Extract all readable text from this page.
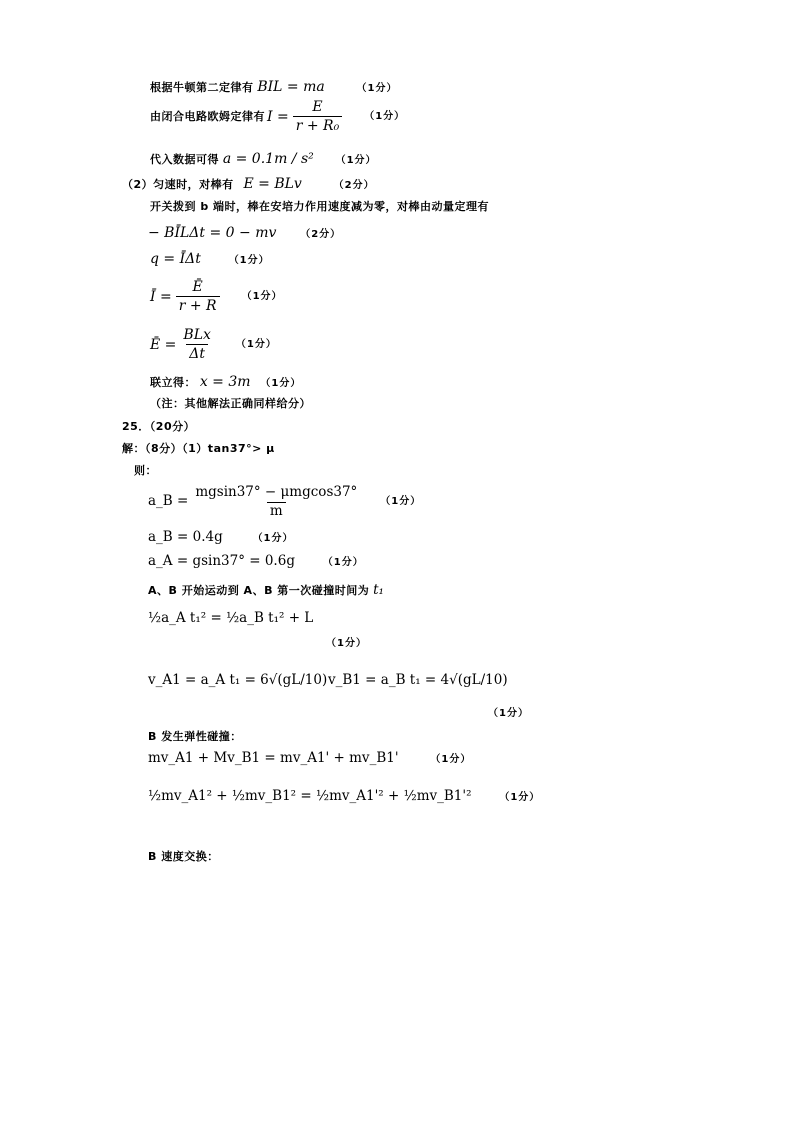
根据牛顿第二定律有 BIL = ma	（1分）
由闭合电路欧姆定律有 $I = \frac{E}{\text{r + R₀}} (1$分）
代入数据可得 a = 0.1m / s² （1分）
（2）匀速时，对棒有 E = BLv	（2分）
开关拨到 b 端时，棒在安培力作用速度减为零，对棒由动量定理有
− BĪLΔt = 0 − mv （2分）
q = ĪΔt	（1分）
Ī = $\frac{Ē}{r + R} (1$分）
Ē = $\frac{\text{BLx}}{\Delta t} (1$分）
联立得： x = 3m （1分）
（注：其他解法正确同样给分）
25．（20分）
解：（8分）（1）tan37°> μ
则：
a_B = $\frac{\text{mgsin37° − μmgcos37°}}{m} (1$分）
a_B = 0.4g	（1分）
a_A = gsin37° = 0.6g	（1分）
A、B 开始运动到 A、B 第一次碰撞时间为 t₁
½a_A t₁² = ½a_B t₁² + L
（1分）
v_A1 = a_A t₁ = 6√(gL/10) v_B1 = a_B t₁ = 4√(gL/10)
（1分）
B 发生弹性碰撞：
mv_A1 + Mv_B1 = mv_A1' + mv_B1'	（1分）
½mv_A1² + ½mv_B1² = ½mv_A1'² + ½mv_B1'²	（1分）
B 速度交换：
